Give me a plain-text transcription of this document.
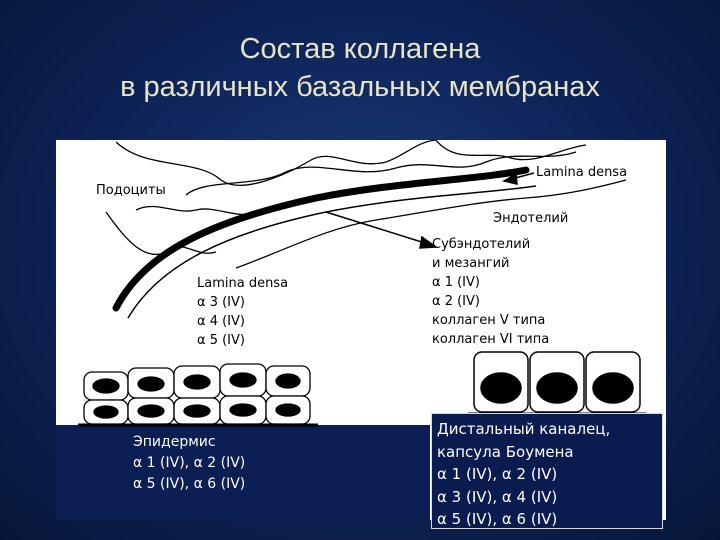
Состав коллагена
в различных базальных мембранах
Lamina densa
Подоциты
Эндотелий
Субэндотелий
и мезангий
α 1 (IV)
α 2 (IV)
коллаген V типа
коллаген VI типа
Lamina densa
α 3 (IV)
α 4 (IV)
α 5 (IV)
Эпидермис
α 1 (IV), α 2 (IV)
α 5 (IV), α 6 (IV)
Дистальный каналец,
капсула Боумена
α 1 (IV), α 2 (IV)
α 3 (IV), α 4 (IV)
α 5 (IV), α 6 (IV)
